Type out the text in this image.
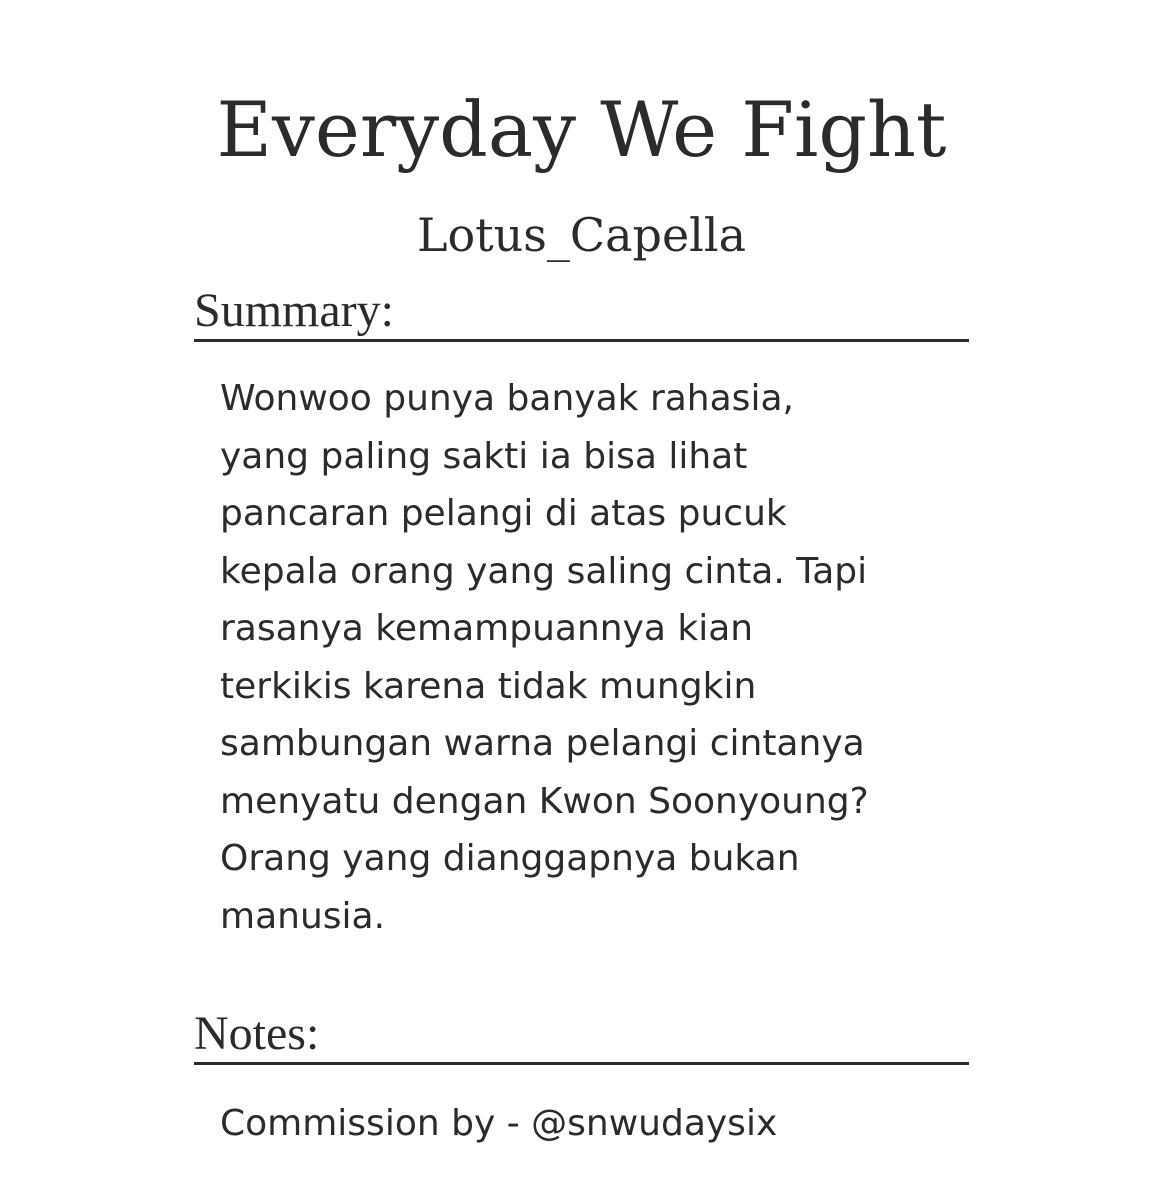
Everyday We Fight
Lotus_Capella
Summary:
Wonwoo punya banyak rahasia,
yang paling sakti ia bisa lihat
pancaran pelangi di atas pucuk
kepala orang yang saling cinta. Tapi
rasanya kemampuannya kian
terkikis karena tidak mungkin
sambungan warna pelangi cintanya
menyatu dengan Kwon Soonyoung?
Orang yang dianggapnya bukan
manusia.
Notes:
Commission by - @snwudaysix
